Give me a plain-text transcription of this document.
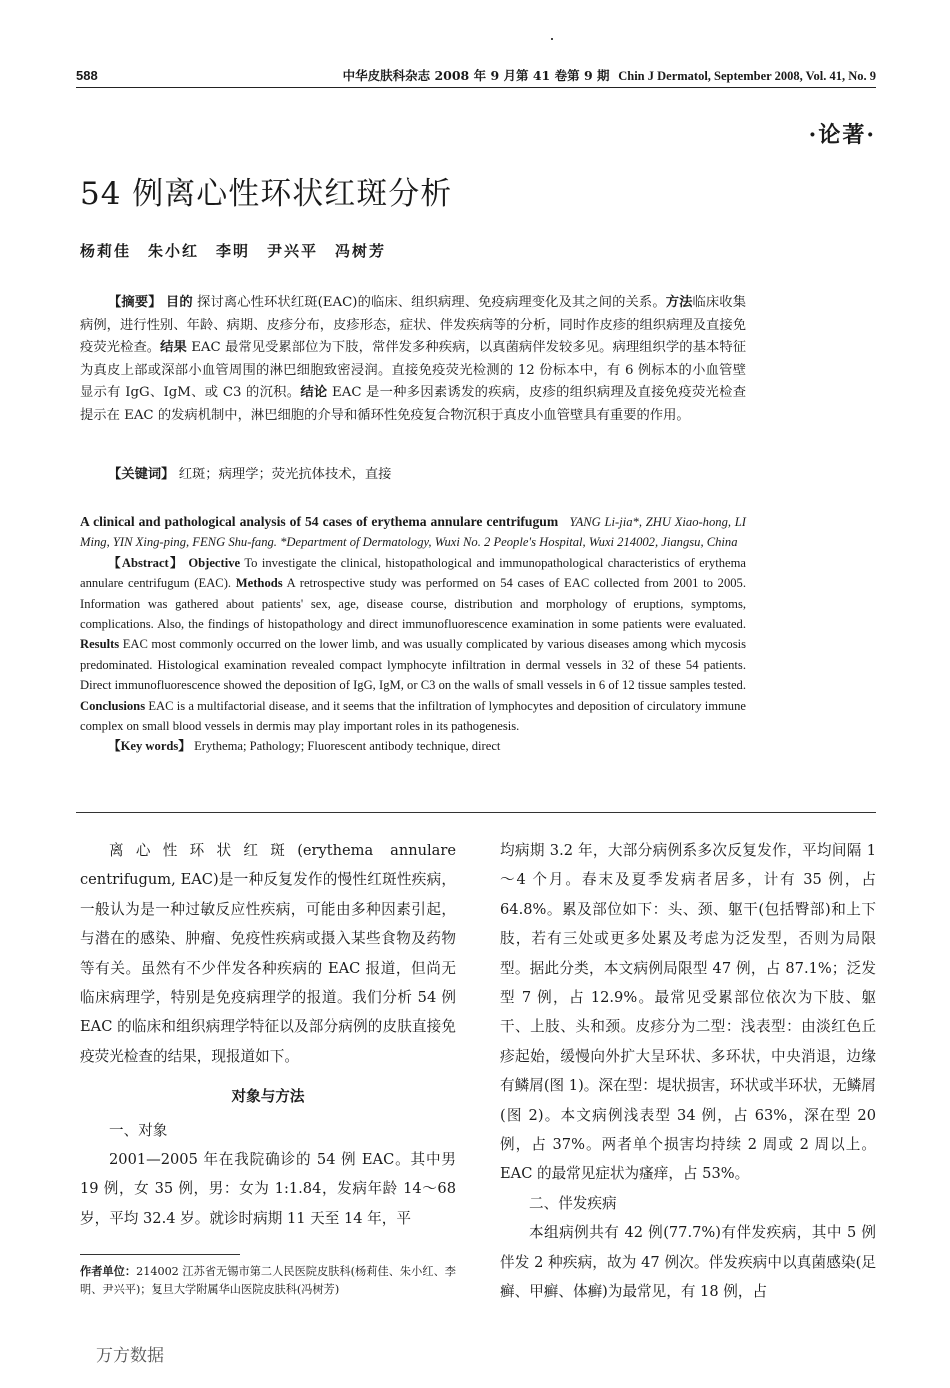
588	中华皮肤科杂志 2008 年 9 月第 41 卷第 9 期 Chin J Dermatol, September 2008, Vol. 41, No. 9
·论著·
54 例离心性环状红斑分析
杨莉佳　朱小红　李明　尹兴平　冯树芳
【摘要】 目的 探讨离心性环状红斑(EAC)的临床、组织病理、免疫病理变化及其之间的关系。方法临床收集病例，进行性别、年龄、病期、皮疹分布，皮疹形态，症状、伴发疾病等的分析，同时作皮疹的组织病理及直接免疫荧光检查。结果 EAC 最常见受累部位为下肢，常伴发多种疾病，以真菌病伴发较多见。病理组织学的基本特征为真皮上部或深部小血管周围的淋巴细胞致密浸润。直接免疫荧光检测的 12 份标本中，有 6 例标本的小血管壁显示有 IgG、IgM、或 C3 的沉积。结论 EAC 是一种多因素诱发的疾病，皮疹的组织病理及直接免疫荧光检查提示在 EAC 的发病机制中，淋巴细胞的介导和循环性免疫复合物沉积于真皮小血管壁具有重要的作用。
【关键词】 红斑；病理学；荧光抗体技术，直接
A clinical and pathological analysis of 54 cases of erythema annulare centrifugum YANG Li-jia*, ZHU Xiao-hong, LI Ming, YIN Xing-ping, FENG Shu-fang. *Department of Dermatology, Wuxi No. 2 People's Hospital, Wuxi 214002, Jiangsu, China
【Abstract】 Objective To investigate the clinical, histopathological and immunopathological characteristics of erythema annulare centrifugum (EAC). Methods A retrospective study was performed on 54 cases of EAC collected from 2001 to 2005. Information was gathered about patients' sex, age, disease course, distribution and morphology of eruptions, symptoms, complications. Also, the findings of histopathology and direct immunofluorescence examination in some patients were evaluated. Results EAC most commonly occurred on the lower limb, and was usually complicated by various diseases among which mycosis predominated. Histological examination revealed compact lymphocyte infiltration in dermal vessels in 32 of these 54 patients. Direct immunofluorescence showed the deposition of IgG, IgM, or C3 on the walls of small vessels in 6 of 12 tissue samples tested. Conclusions EAC is a multifactorial disease, and it seems that the infiltration of lymphocytes and deposition of circulatory immune complex on small blood vessels in dermis may play important roles in its pathogenesis.
【Key words】 Erythema; Pathology; Fluorescent antibody technique, direct

离心性环状红斑(erythema annulare centrifugum, EAC)是一种反复发作的慢性红斑性疾病，一般认为是一种过敏反应性疾病，可能由多种因素引起，与潜在的感染、肿瘤、免疫性疾病或摄入某些食物及药物等有关。虽然有不少伴发各种疾病的 EAC 报道，但尚无临床病理学，特别是免疫病理学的报道。我们分析 54 例 EAC 的临床和组织病理学特征以及部分病例的皮肤直接免疫荧光检查的结果，现报道如下。

对象与方法

一、对象

2001—2005 年在我院确诊的 54 例 EAC。其中男 19 例，女 35 例，男：女为 1:1.84，发病年龄 14～68 岁，平均 32.4 岁。就诊时病期 11 天至 14 年，平

均病期 3.2 年，大部分病例系多次反复发作，平均间隔 1～4 个月。春末及夏季发病者居多，计有 35 例，占 64.8%。累及部位如下：头、颈、躯干(包括臀部)和上下肢，若有三处或更多处累及考虑为泛发型，否则为局限型。据此分类，本文病例局限型 47 例，占 87.1%；泛发型 7 例，占 12.9%。最常见受累部位依次为下肢、躯干、上肢、头和颈。皮疹分为二型：浅表型：由淡红色丘疹起始，缓慢向外扩大呈环状、多环状，中央消退，边缘有鳞屑(图 1)。深在型：堤状损害，环状或半环状，无鳞屑(图 2)。本文病例浅表型 34 例，占 63%，深在型 20 例，占 37%。两者单个损害均持续 2 周或 2 周以上。EAC 的最常见症状为瘙痒，占 53%。

二、伴发疾病

本组病例共有 42 例(77.7%)有伴发疾病，其中 5 例伴发 2 种疾病，故为 47 例次。伴发疾病中以真菌感染(足癣、甲癣、体癣)为最常见，有 18 例，占

作者单位：214002 江苏省无锡市第二人民医院皮肤科(杨莉佳、朱小红、李明、尹兴平)；复旦大学附属华山医院皮肤科(冯树芳)
万方数据
